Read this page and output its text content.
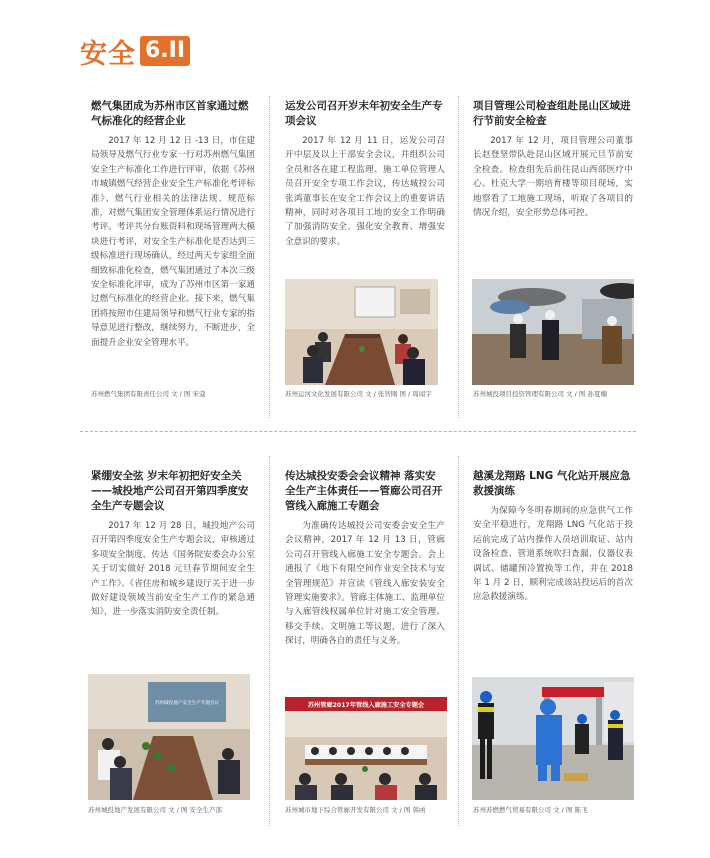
安全 6.II

燃气集团成为苏州市区首家通过燃气标准化的经营企业

2017 年 12 月 12 日 -13 日，市住建局领导及燃气行业专家一行对苏州燃气集团安全生产标准化工作进行评审，依据《苏州市城镇燃气经营企业安全生产标准化考评标准》、燃气行业相关的法律法规、规范标准，对燃气集团安全管理体系运行情况进行考评。考评共分台账资料和现场管理两大模块进行考评，对安全生产标准化是否达到三级标准进行现场确认，经过两天专家组全面细致标准化检查，燃气集团通过了本次三级安全标准化评审，成为了苏州市区第一家通过燃气标准化的经营企业。接下来，燃气集团将按照市住建局领导和燃气行业专家的指导意见进行整改，继续努力，不断进步，全面提升企业安全管理水平。

苏州燃气集团有限责任公司 文 / 图 宋蔻

运发公司召开岁末年初安全生产专项会议

2017 年 12 月 11 日，运发公司召开中层及以上干部安全会议，并组织公司全员和各在建工程监理、施工单位管理人员召开安全专项工作会议，传达城投公司张鸿董事长在安全工作会议上的重要讲话精神，同时对各项目工地的安全工作明确了加强消防安全、强化安全教育、增强安全意识的要求。

苏州运河文化发展有限公司 文 / 张智刚 图 / 周闻宇

项目管理公司检查组赴昆山区域进行节前安全检查

2017 年 12 月，项目管理公司董事长赵登坚带队赴昆山区域开展元旦节前安全检查。检查组先后前往昆山西部医疗中心、杜克大学一期培育楼等项目现场，实地察看了工地施工现场，听取了各项目的情况介绍，安全形势总体可控。

苏州城投项目投资管理有限公司 文 / 图 孙夏楠

紧绷安全弦 岁末年初把好安全关——城投地产公司召开第四季度安全生产专题会议

2017 年 12 月 28 日，城投地产公司召开第四季度安全生产专题会议，审核通过多项安全制度，传达《国务院安委会办公室关于切实做好 2018 元旦春节期间安全生产工作》、《省住房和城乡建设厅关于进一步做好建设领域当前安全生产工作的紧急通知》，进一步落实消防安全责任制。

苏州城投地产安全生产专题会议
苏州城投地产发展有限公司 文 / 图 安全生产部

传达城投安委会会议精神 落实安全生产主体责任——管廊公司召开管线入廊施工专题会

为准确传达城投公司安委会安全生产会议精神，2017 年 12 月 13 日，管廊公司召开管线入廊施工安全专题会。会上通报了《地下有限空间作业安全技术与安全管理规范》并宣读《管线入廊安装安全管理实施要求》。管廊主体施工、监理单位与入廊管线权属单位针对施工安全管理、移交手续、文明施工等议题，进行了深入探讨，明确各自的责任与义务。

苏州管廊2017年管线入廊施工安全专题会
苏州城市地下综合管廊开发有限公司 文 / 图 韩函

越溪龙翔路 LNG 气化站开展应急救援演练

为保障今冬明春期间的应急供气工作安全平稳进行，龙翔路 LNG 气化站于投运前完成了站内操作人员培训取证、站内设备检查、管道系统吹扫查漏、仪器仪表调试、储罐预冷置换等工作，并在 2018 年 1 月 2 日，顺利完成该站投运后的首次应急救援演练。

苏州苏燃燃气贸易有限公司 文 / 图 陈飞
